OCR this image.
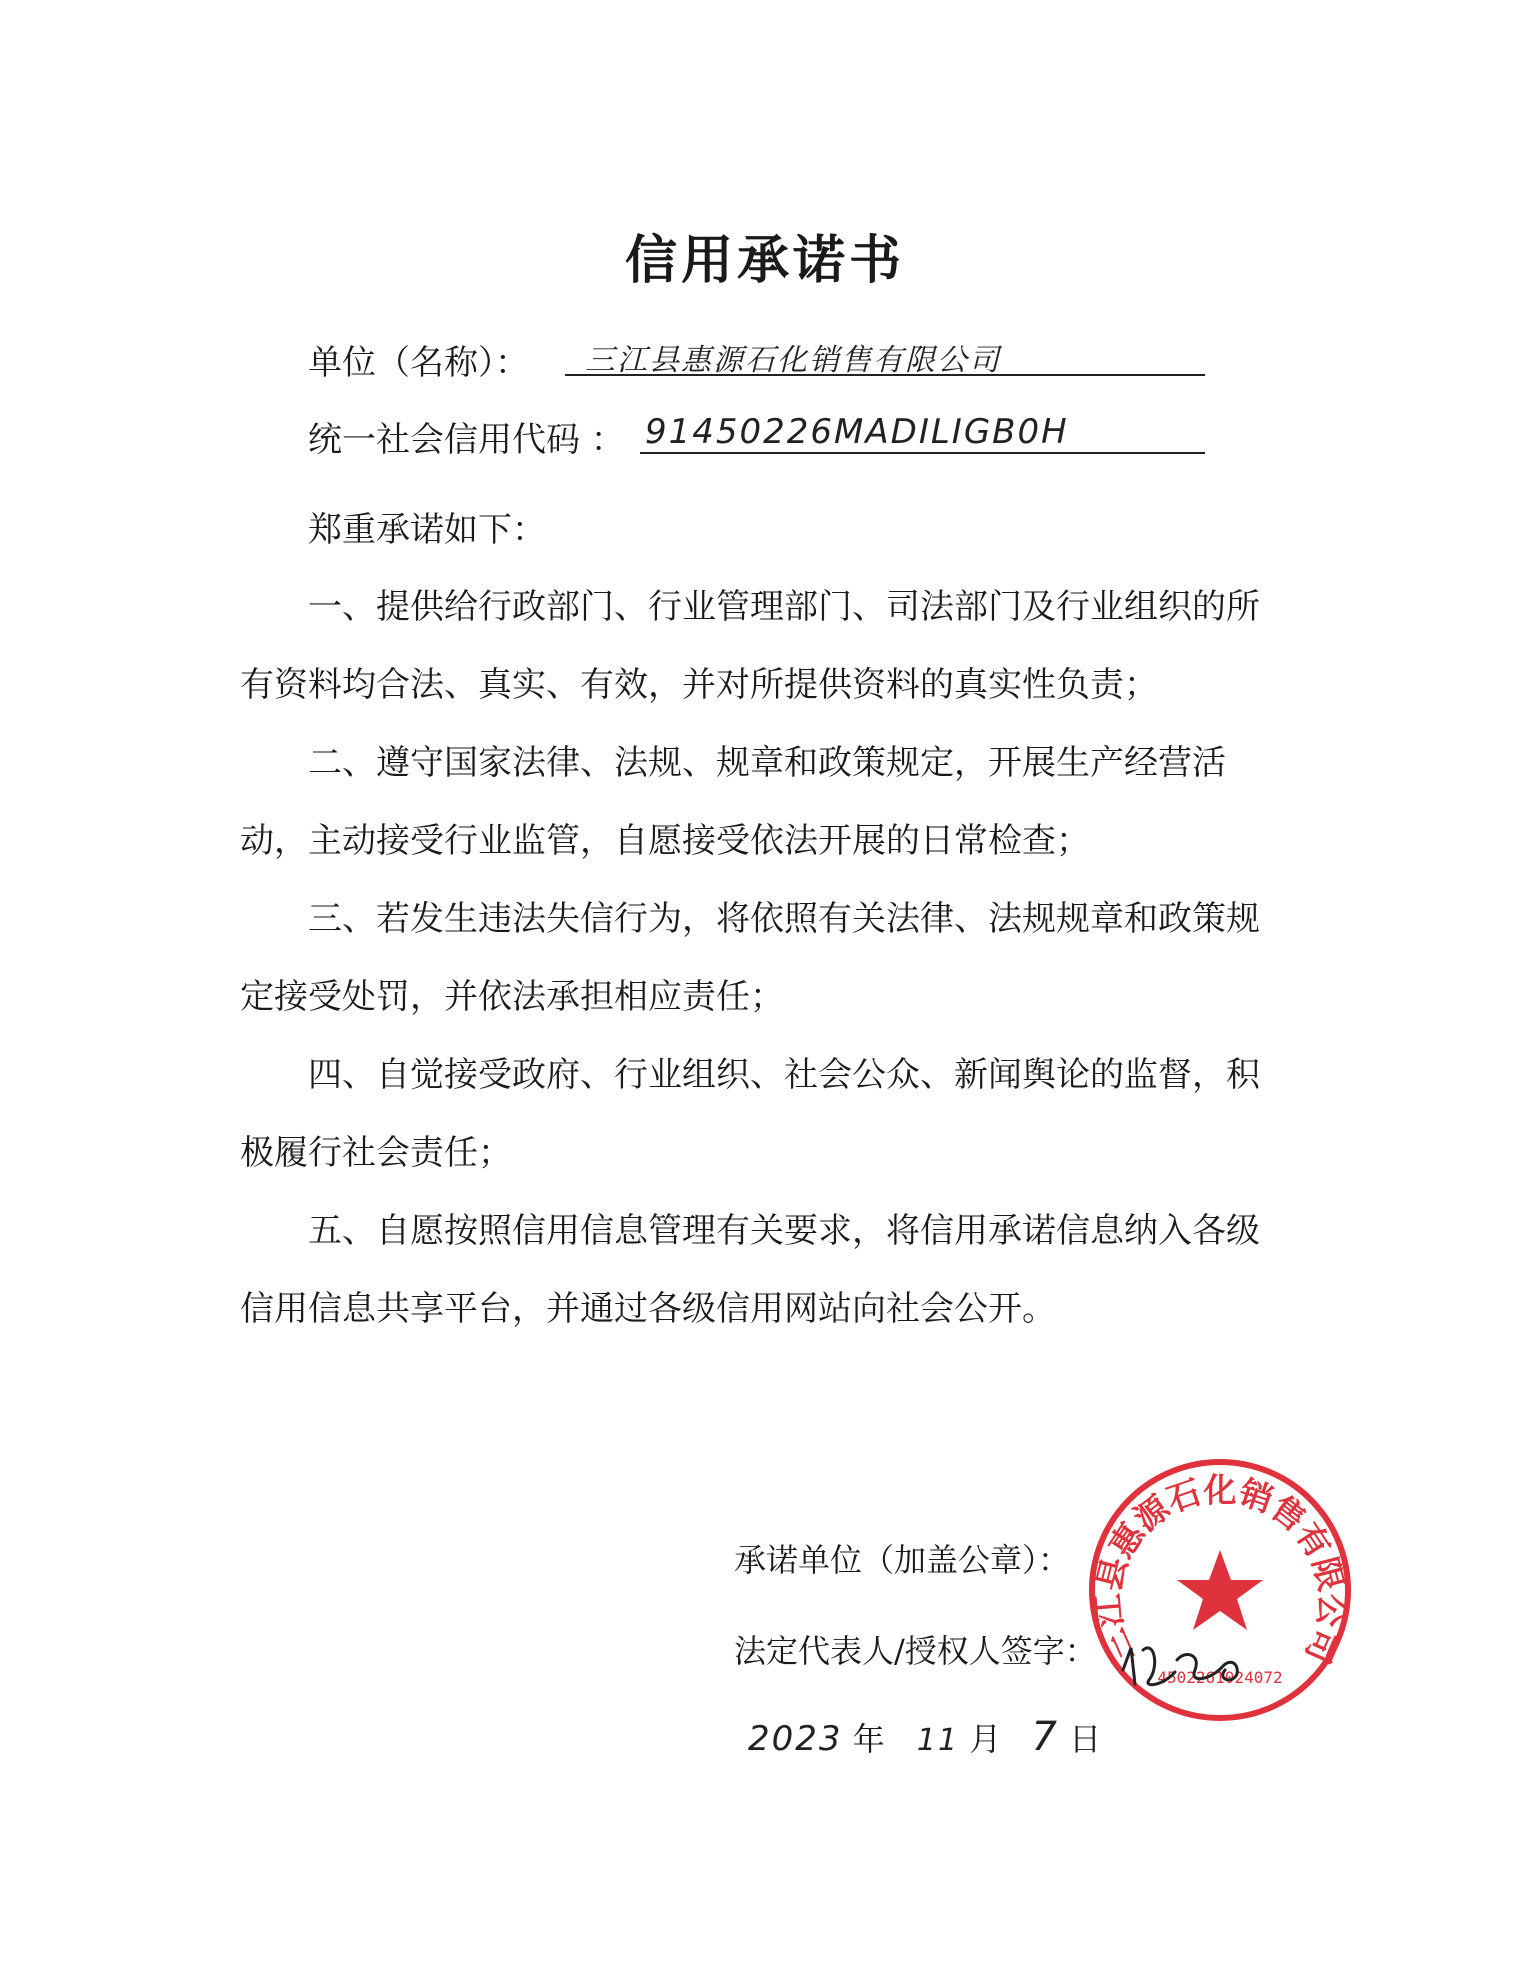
信用承诺书
单位（名称）： 三江县惠源石化销售有限公司
统一社会信用代码 ： 91450226MADILIGB0H
郑重承诺如下：
一、提供给行政部门、行业管理部门、司法部门及行业组织的所有资料均合法、真实、有效，并对所提供资料的真实性负责；
二、遵守国家法律、法规、规章和政策规定，开展生产经营活动，主动接受行业监管，自愿接受依法开展的日常检查；
三、若发生违法失信行为，将依照有关法律、法规规章和政策规定接受处罚，并依法承担相应责任；
四、自觉接受政府、行业组织、社会公众、新闻舆论的监督，积极履行社会责任；
五、自愿按照信用信息管理有关要求，将信用承诺信息纳入各级信用信息共享平台，并通过各级信用网站向社会公开。
承诺单位（加盖公章）：
法定代表人/授权人签字：
2023 年 11 月 7 日
三江县惠源石化销售有限公司
4502261024072
